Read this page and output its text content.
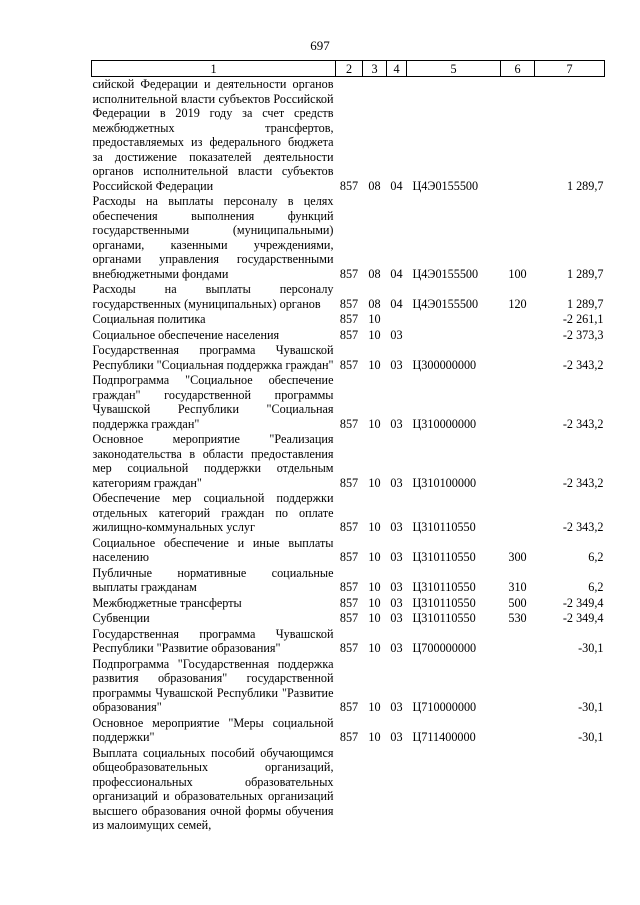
697
1	2	3	4	5	6	7
сийской Федерации и деятельности органов исполнительной власти субъектов Российской Федерации в 2019 году за счет средств межбюджетных трансфертов, предоставляемых из федерального бюджета за достижение показателей деятельности органов исполнительной власти субъектов Российской Федерации	857	08	04	Ц4Э0155500		1 289,7
Расходы на выплаты персоналу в целях обеспечения выполнения функций государственными (муниципальными) органами, казенными учреждениями, органами управления государственными внебюджетными фондами	857	08	04	Ц4Э0155500	100	1 289,7
Расходы на выплаты персоналу государственных (муниципальных) органов	857	08	04	Ц4Э0155500	120	1 289,7
Социальная политика	857	10				-2 261,1
Социальное обеспечение населения	857	10	03			-2 373,3
Государственная программа Чувашской Республики "Социальная поддержка граждан"	857	10	03	Ц300000000		-2 343,2
Подпрограмма "Социальное обеспечение граждан" государственной программы Чувашской Республики "Социальная поддержка граждан"	857	10	03	Ц310000000		-2 343,2
Основное мероприятие "Реализация законодательства в области предоставления мер социальной поддержки отдельным категориям граждан"	857	10	03	Ц310100000		-2 343,2
Обеспечение мер социальной поддержки отдельных категорий граждан по оплате жилищно-коммунальных услуг	857	10	03	Ц310110550		-2 343,2
Социальное обеспечение и иные выплаты населению	857	10	03	Ц310110550	300	6,2
Публичные нормативные социальные выплаты гражданам	857	10	03	Ц310110550	310	6,2
Межбюджетные трансферты	857	10	03	Ц310110550	500	-2 349,4
Субвенции	857	10	03	Ц310110550	530	-2 349,4
Государственная программа Чувашской Республики "Развитие образования"	857	10	03	Ц700000000		-30,1
Подпрограмма "Государственная поддержка развития образования" государственной программы Чувашской Республики "Развитие образования"	857	10	03	Ц710000000		-30,1
Основное мероприятие "Меры социальной поддержки"	857	10	03	Ц711400000		-30,1
Выплата социальных пособий обучающимся общеобразовательных организаций, профессиональных образовательных организаций и образовательных организаций высшего образования очной формы обучения из малоимущих семей,						
